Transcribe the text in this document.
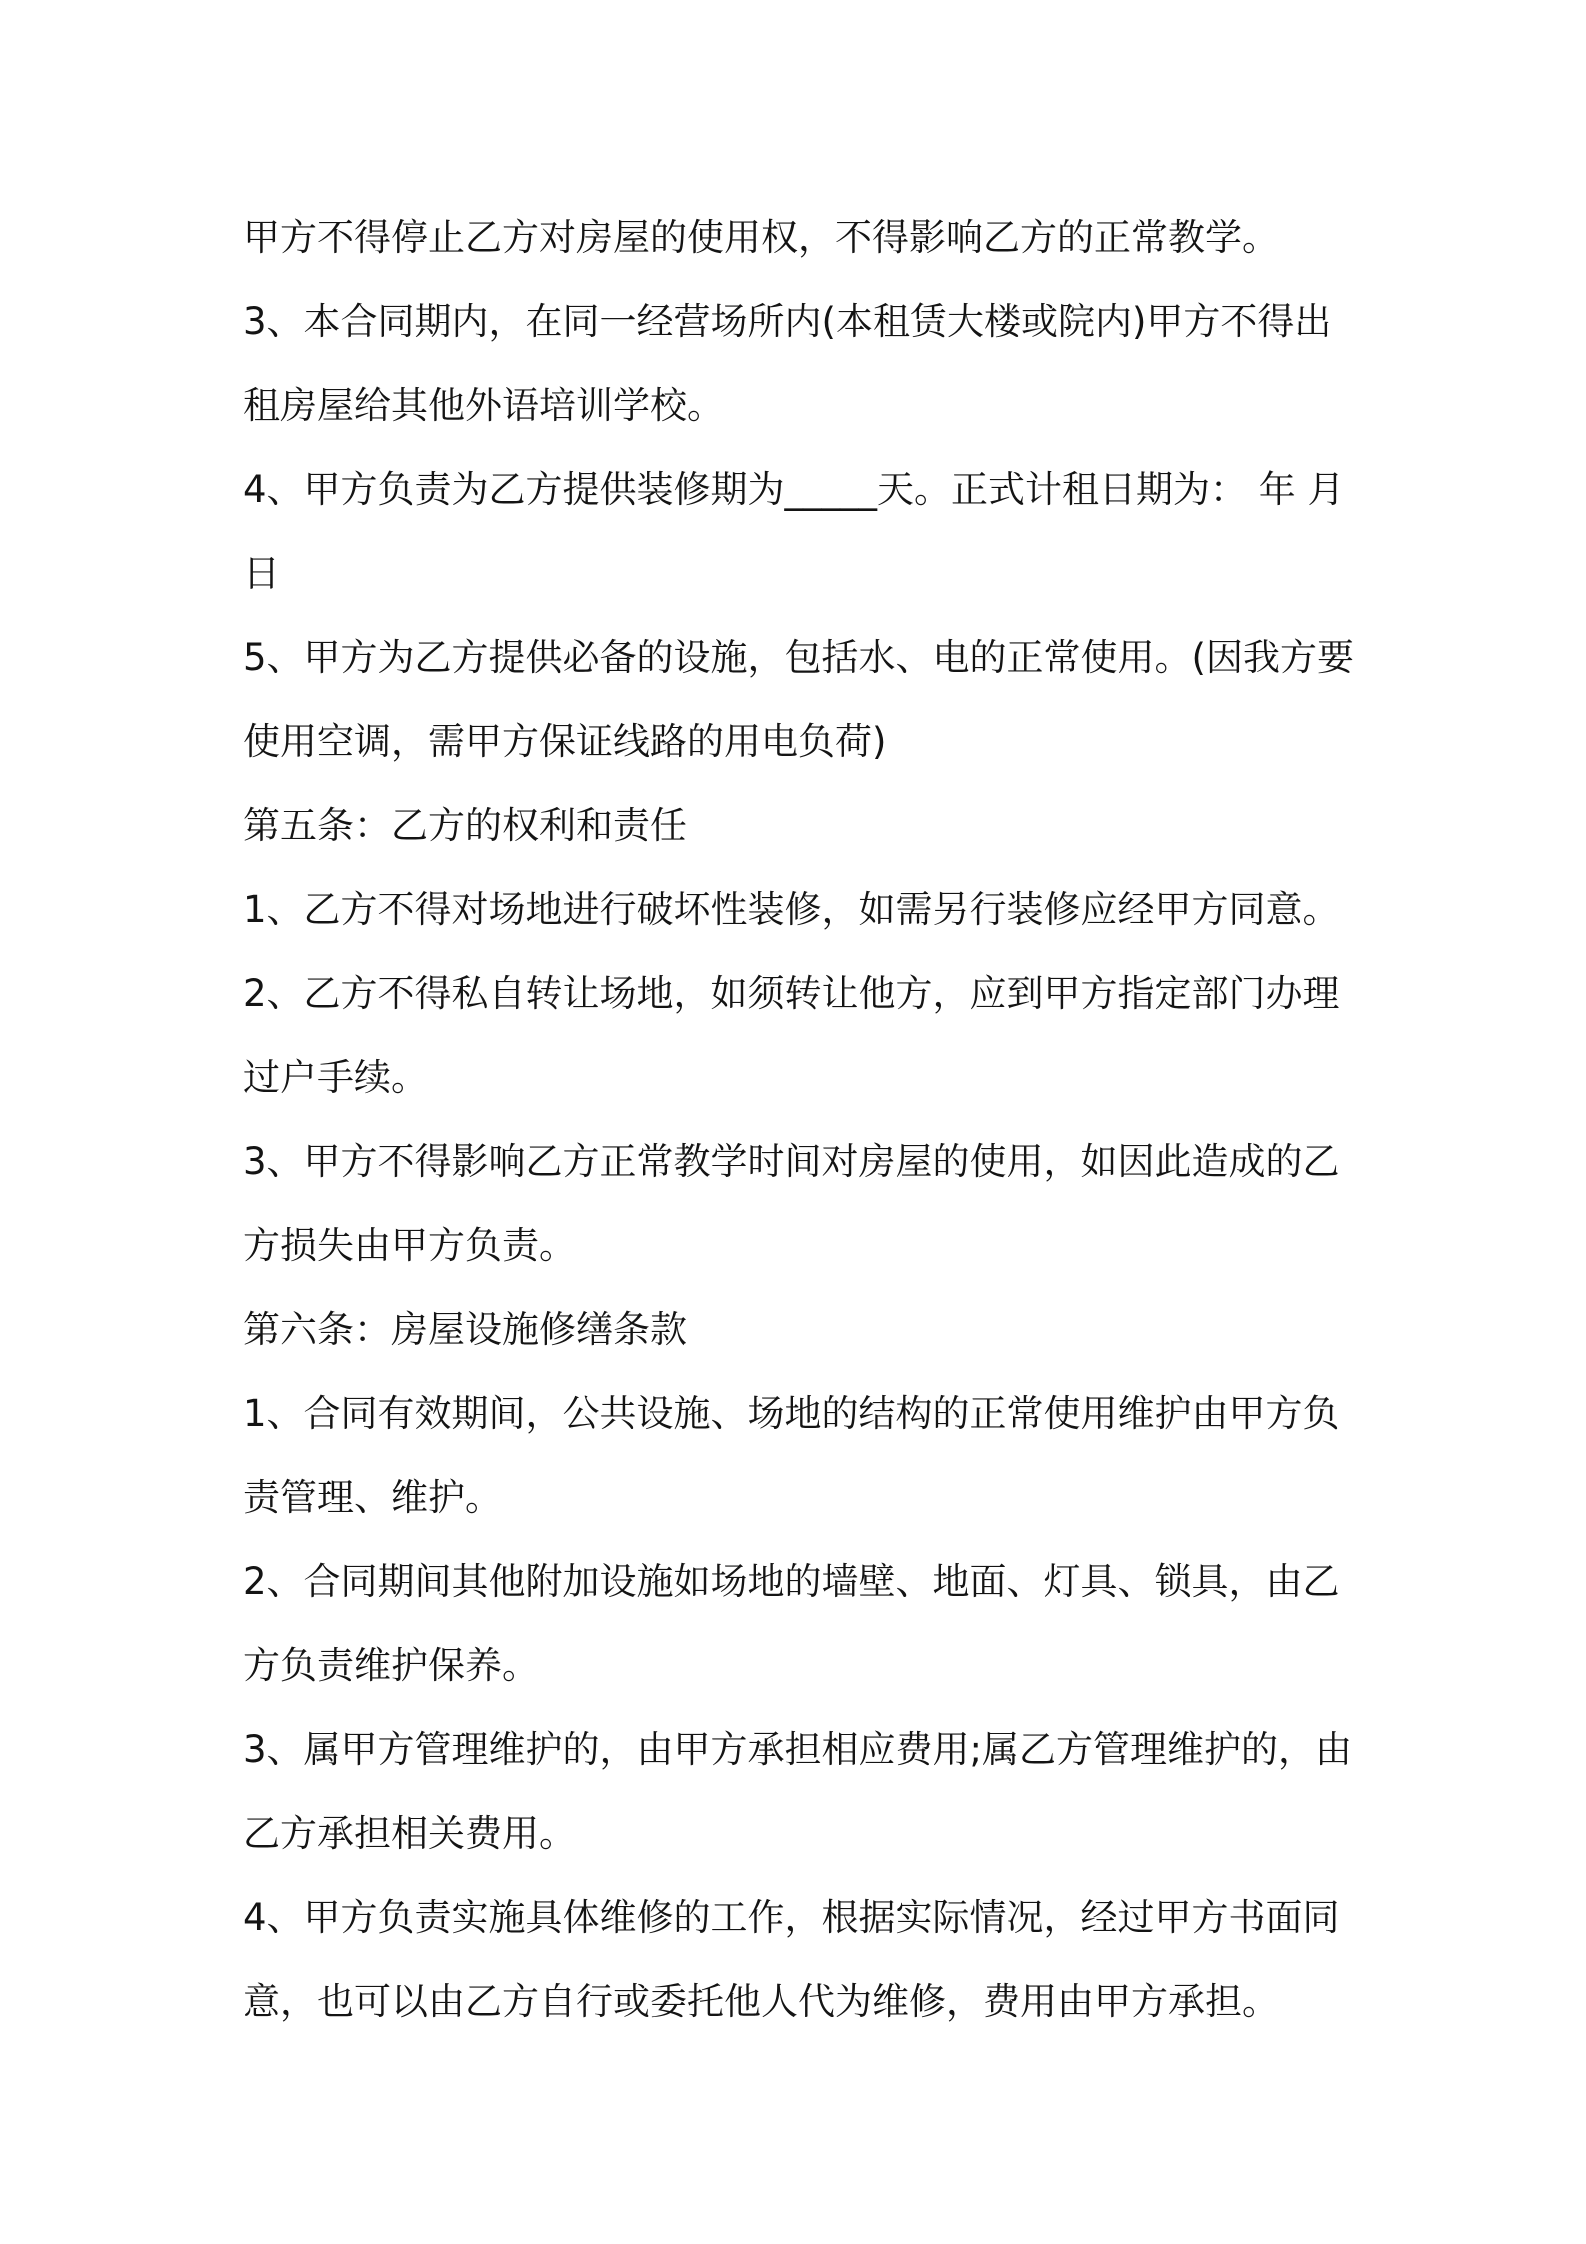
甲方不得停止乙方对房屋的使用权，不得影响乙方的正常教学。
3、本合同期内，在同一经营场所内(本租赁大楼或院内)甲方不得出
租房屋给其他外语培训学校。
4、甲方负责为乙方提供装修期为_____天。正式计租日期为： 年 月
日
5、甲方为乙方提供必备的设施，包括水、电的正常使用。(因我方要
使用空调，需甲方保证线路的用电负荷)
第五条：乙方的权利和责任
1、乙方不得对场地进行破坏性装修，如需另行装修应经甲方同意。
2、乙方不得私自转让场地，如须转让他方，应到甲方指定部门办理
过户手续。
3、甲方不得影响乙方正常教学时间对房屋的使用，如因此造成的乙
方损失由甲方负责。
第六条：房屋设施修缮条款
1、合同有效期间，公共设施、场地的结构的正常使用维护由甲方负
责管理、维护。
2、合同期间其他附加设施如场地的墙壁、地面、灯具、锁具，由乙
方负责维护保养。
3、属甲方管理维护的，由甲方承担相应费用;属乙方管理维护的，由
乙方承担相关费用。
4、甲方负责实施具体维修的工作，根据实际情况，经过甲方书面同
意，也可以由乙方自行或委托他人代为维修，费用由甲方承担。
